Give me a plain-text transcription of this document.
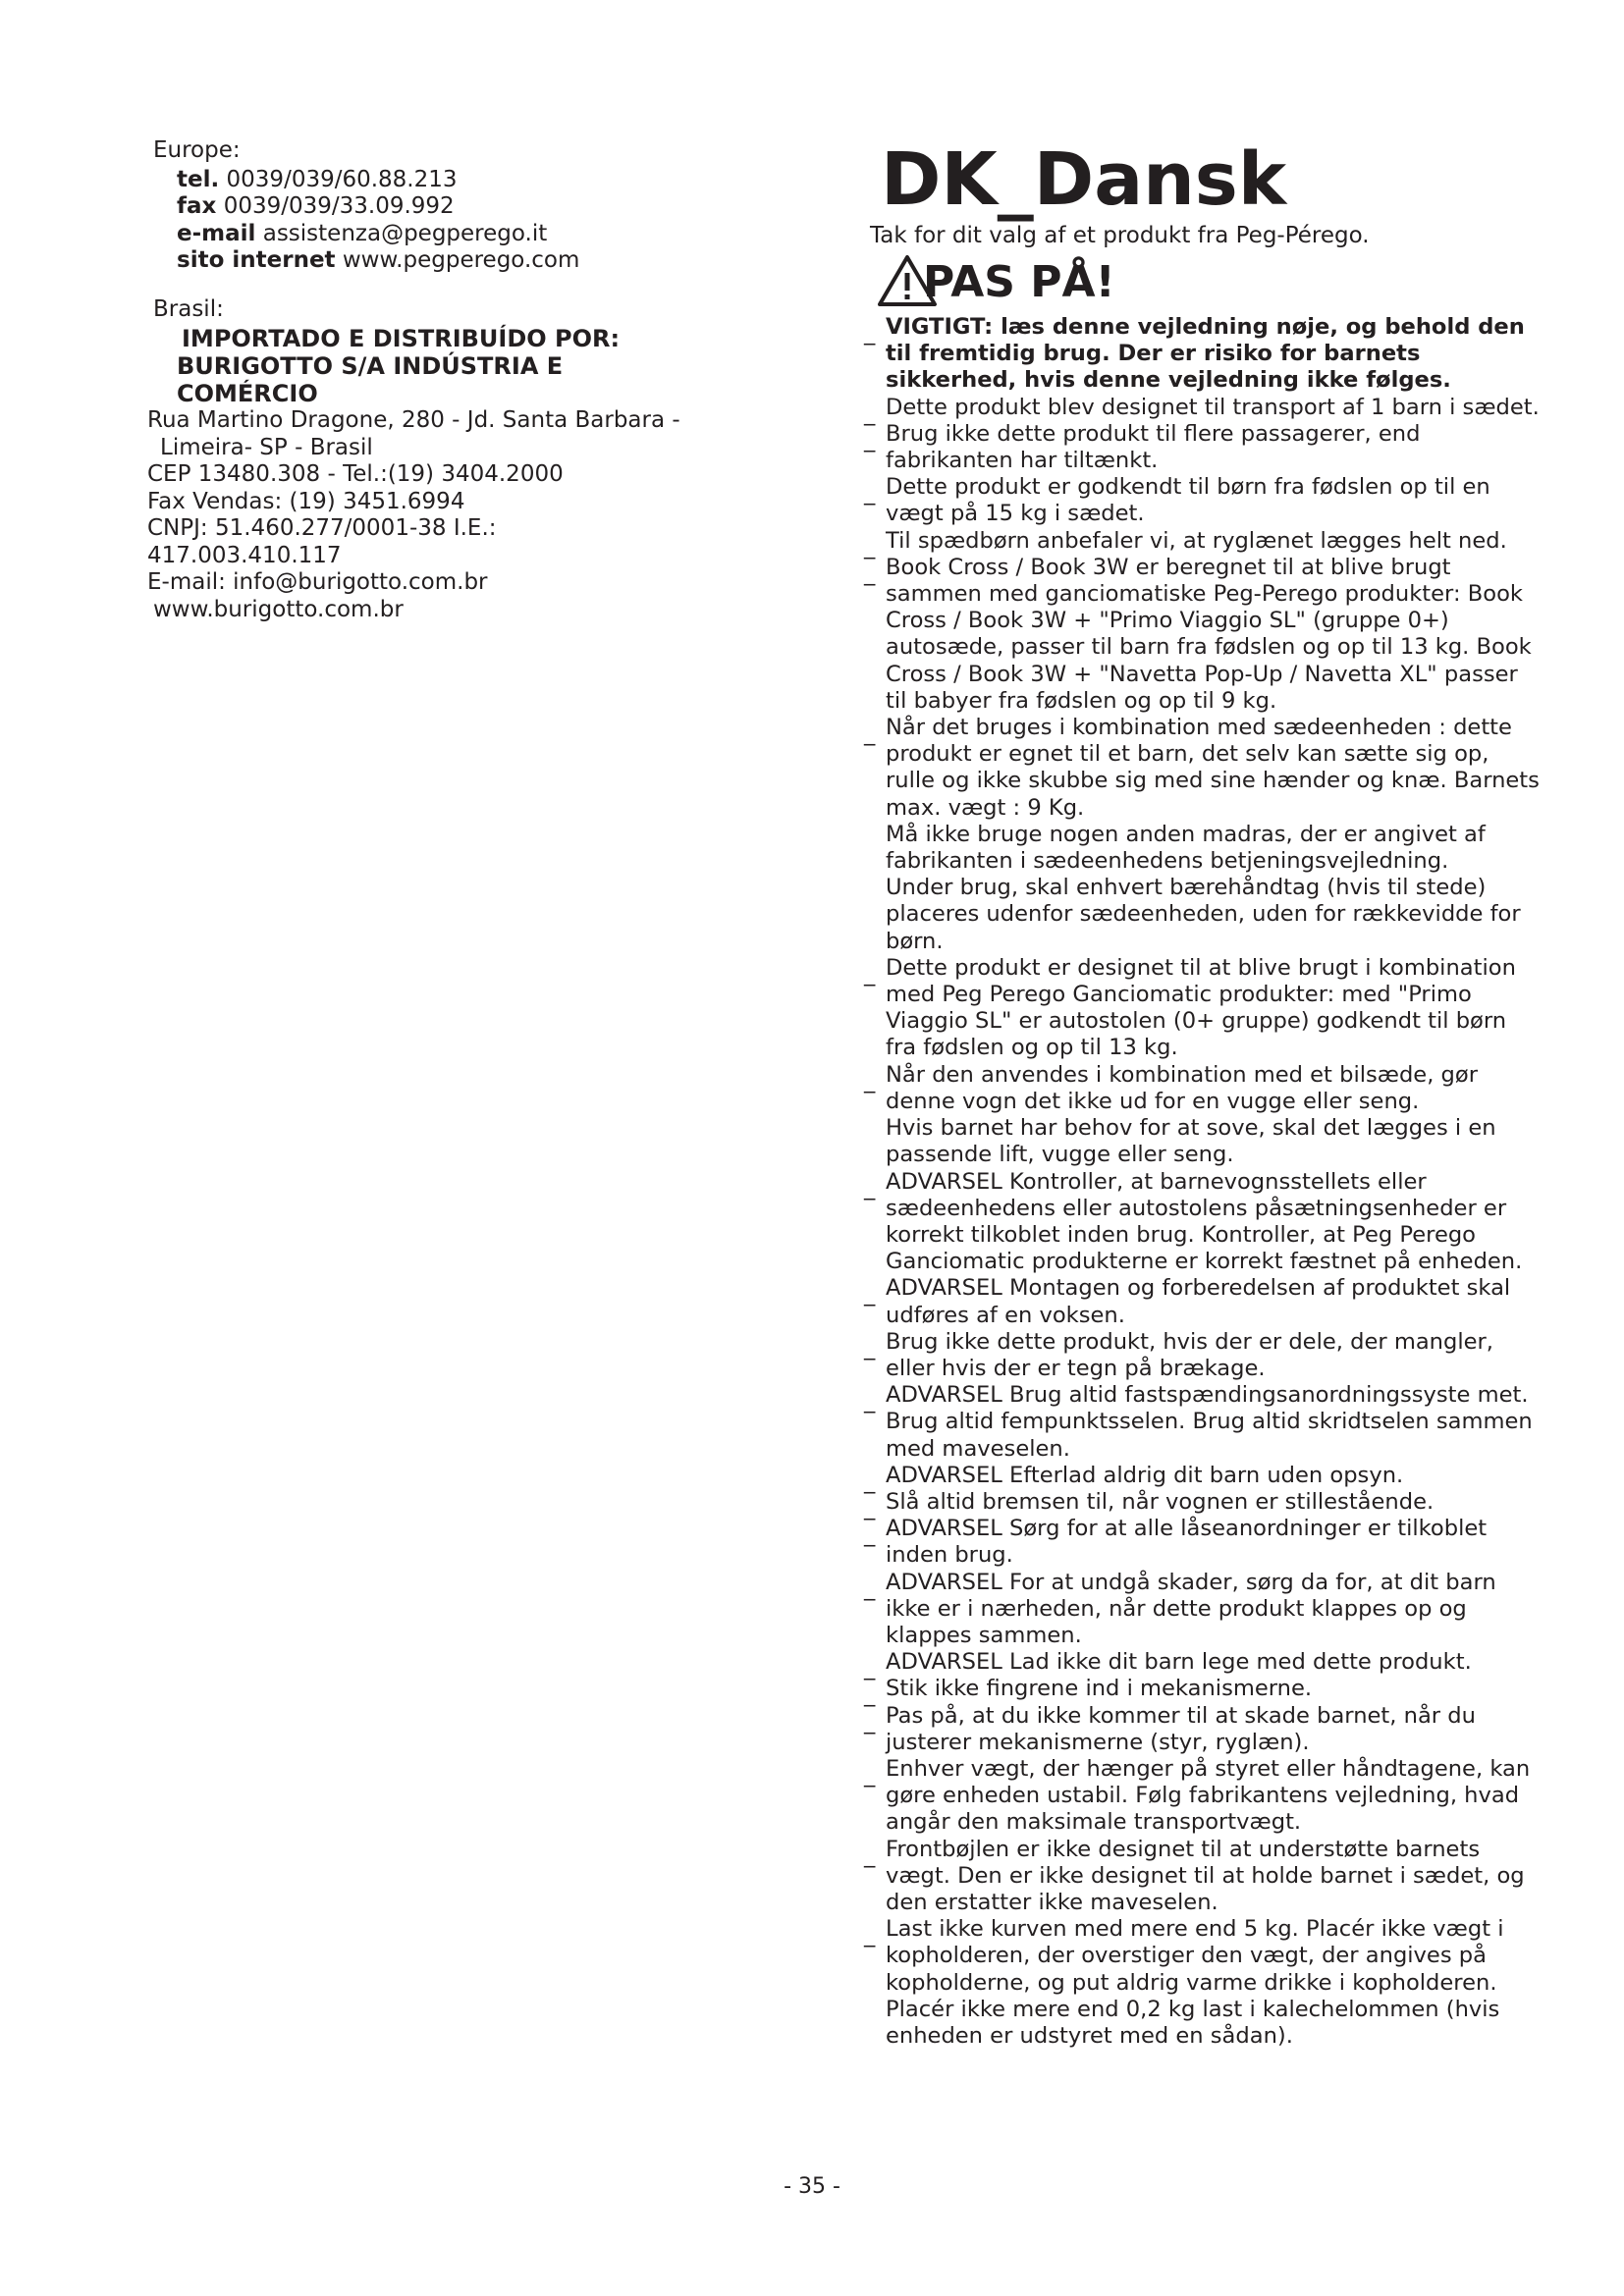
Europe:
tel. 0039/039/60.88.213
fax 0039/039/33.09.992
e-mail assistenza@pegperego.it
sito internet www.pegperego.com
Brasil:
IMPORTADO E DISTRIBUÍDO POR:
BURIGOTTO S/A INDÚSTRIA E COMÉRCIO
Rua Martino Dragone, 280 - Jd. Santa Barbara -
Limeira- SP - Brasil
CEP 13480.308 - Tel.:(19) 3404.2000
Fax Vendas: (19) 3451.6994
CNPJ: 51.460.277/0001-38 I.E.: 417.003.410.117
E-mail: info@burigotto.com.br
www.burigotto.com.br
DK_Dansk
Tak for dit valg af et produkt fra Peg-Pérego.
PAS PÅ!
_ VIGTIGT: læs denne vejledning nøje, og behold den til fremtidig brug. Der er risiko for barnets sikkerhed, hvis denne vejledning ikke følges.
_ Dette produkt blev designet til transport af 1 barn i sædet.
_ Brug ikke dette produkt til flere passagerer, end fabrikanten har tiltænkt.
_ Dette produkt er godkendt til børn fra fødslen op til en vægt på 15 kg i sædet.
_ Til spædbørn anbefaler vi, at ryglænet lægges helt ned.
_ Book Cross / Book 3W er beregnet til at blive brugt sammen med ganciomatiske Peg-Perego produkter: Book Cross / Book 3W + "Primo Viaggio SL" (gruppe 0+) autosæde, passer til barn fra fødslen og op til 13 kg. Book Cross / Book 3W + "Navetta Pop-Up / Navetta XL" passer til babyer fra fødslen og op til 9 kg.
_ Når det bruges i kombination med sædeenheden : dette produkt er egnet til et barn, det selv kan sætte sig op, rulle og ikke skubbe sig med sine hænder og knæ. Barnets max. vægt : 9 Kg.
Må ikke bruge nogen anden madras, der er angivet af fabrikanten i sædeenhedens betjeningsvejledning.
Under brug, skal enhvert bærehåndtag (hvis til stede) placeres udenfor sædeenheden, uden for rækkevidde for børn.
_ Dette produkt er designet til at blive brugt i kombination med Peg Perego Ganciomatic produkter: med "Primo Viaggio SL" er autostolen (0+ gruppe) godkendt til børn fra fødslen og op til 13 kg.
_ Når den anvendes i kombination med et bilsæde, gør denne vogn det ikke ud for en vugge eller seng.
Hvis barnet har behov for at sove, skal det lægges i en passende lift, vugge eller seng.
_ ADVARSEL Kontroller, at barnevognsstellets eller sædeenhedens eller autostolens påsætningsenheder er korrekt tilkoblet inden brug. Kontroller, at Peg Perego Ganciomatic produkterne er korrekt fæstnet på enheden.
_ ADVARSEL Montagen og forberedelsen af produktet skal udføres af en voksen.
_ Brug ikke dette produkt, hvis der er dele, der mangler, eller hvis der er tegn på brækage.
_ ADVARSEL Brug altid fastspændingsanordningssyste met. Brug altid fempunktsselen. Brug altid skridtselen sammen med maveselen.
_ ADVARSEL Efterlad aldrig dit barn uden opsyn.
_ Slå altid bremsen til, når vognen er stillestående.
_ ADVARSEL Sørg for at alle låseanordninger er tilkoblet inden brug.
_ ADVARSEL For at undgå skader, sørg da for, at dit barn ikke er i nærheden, når dette produkt klappes op og klappes sammen.
_ ADVARSEL Lad ikke dit barn lege med dette produkt.
_ Stik ikke fingrene ind i mekanismerne.
_ Pas på, at du ikke kommer til at skade barnet, når du justerer mekanismerne (styr, ryglæn).
_ Enhver vægt, der hænger på styret eller håndtagene, kan gøre enheden ustabil. Følg fabrikantens vejledning, hvad angår den maksimale transportvægt.
_ Frontbøjlen er ikke designet til at understøtte barnets vægt. Den er ikke designet til at holde barnet i sædet, og den erstatter ikke maveselen.
_ Last ikke kurven med mere end 5 kg. Placér ikke vægt i kopholderen, der overstiger den vægt, der angives på kopholderne, og put aldrig varme drikke i kopholderen. Placér ikke mere end 0,2 kg last i kalechelommen (hvis enheden er udstyret med en sådan).
- 35 -
